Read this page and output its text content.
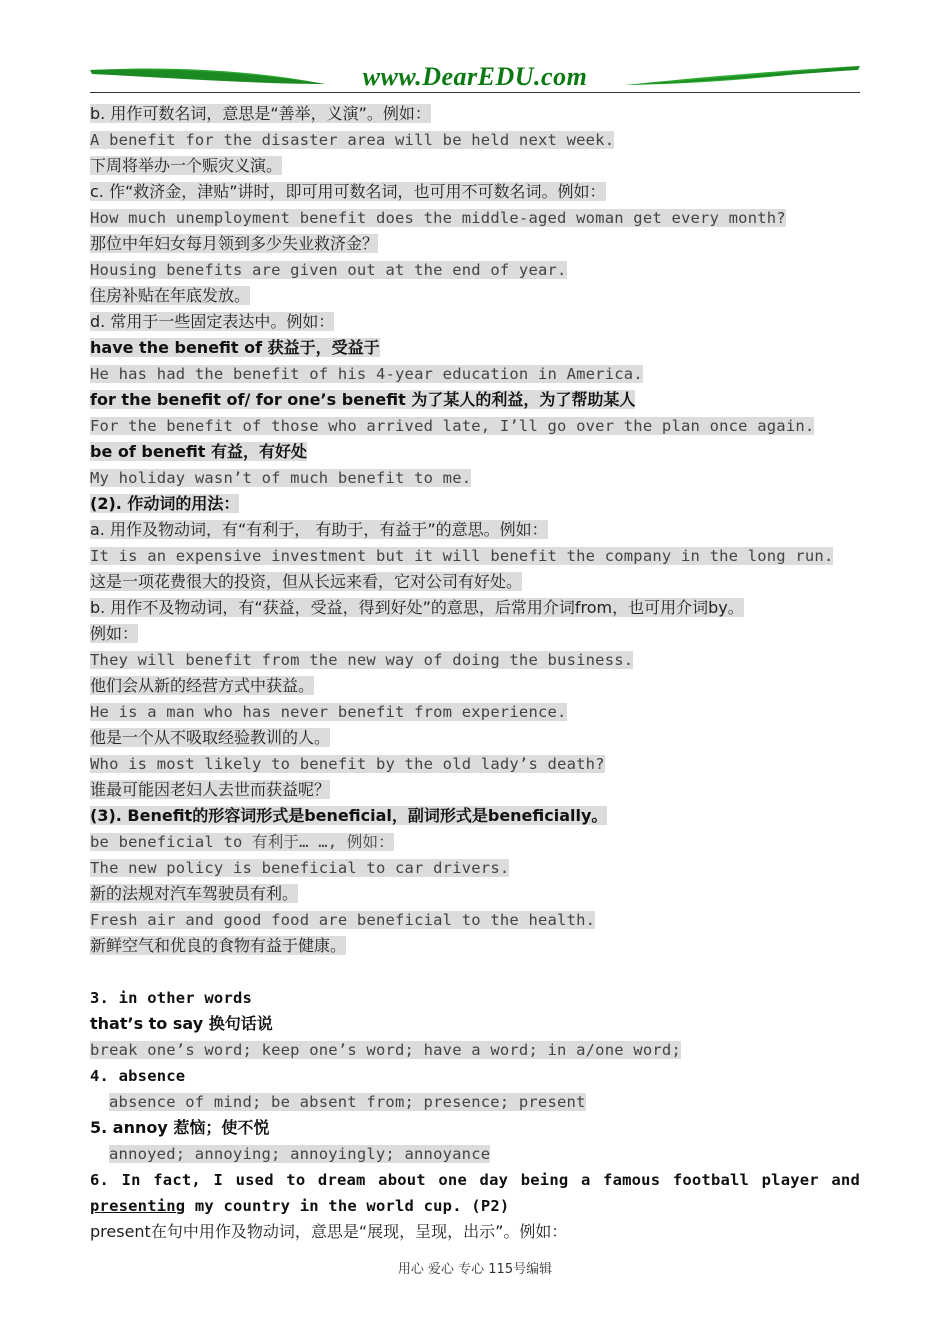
www.DearEDU.com
b. 用作可数名词，意思是“善举，义演”。例如：
A benefit for the disaster area will be held next week.
下周将举办一个赈灾义演。
c. 作“救济金，津贴”讲时，即可用可数名词，也可用不可数名词。例如：
How much unemployment benefit does the middle-aged woman get every month?
那位中年妇女每月领到多少失业救济金？
Housing benefits are given out at the end of year.
住房补贴在年底发放。
d. 常用于一些固定表达中。例如：
have the benefit of 获益于，受益于
He has had the benefit of his 4-year education in America.
for the benefit of/ for one’s benefit 为了某人的利益，为了帮助某人
For the benefit of those who arrived late, I’ll go over the plan once again.
be of benefit 有益，有好处
My holiday wasn’t of much benefit to me.
(2). 作动词的用法：
a. 用作及物动词，有“有利于， 有助于，有益于”的意思。例如：
It is an expensive investment but it will benefit the company in the long run.
这是一项花费很大的投资，但从长远来看，它对公司有好处。
b. 用作不及物动词，有“获益，受益，得到好处”的意思，后常用介词from，也可用介词by。
例如：
They will benefit from the new way of doing the business.
他们会从新的经营方式中获益。
He is a man who has never benefit from experience.
他是一个从不吸取经验教训的人。
Who is most likely to benefit by the old lady’s death?
谁最可能因老妇人去世而获益呢？
(3). Benefit的形容词形式是beneficial，副词形式是beneficially。
be beneficial to 有利于… …, 例如：
The new policy is beneficial to car drivers.
新的法规对汽车驾驶员有利。
Fresh air and good food are beneficial to the health.
新鲜空气和优良的食物有益于健康。
3. in other words
that’s to say 换句话说
break one’s word; keep one’s word; have a word; in a/one word;
4. absence
absence of mind; be absent from; presence; present
5. annoy 惹恼；使不悦
annoyed; annoying; annoyingly; annoyance
6. In fact, I used to dream about one day being a famous football player and
presenting my country in the world cup. (P2)
present在句中用作及物动词，意思是“展现，呈现，出示”。例如：
用心 爱心 专心 115号编辑
